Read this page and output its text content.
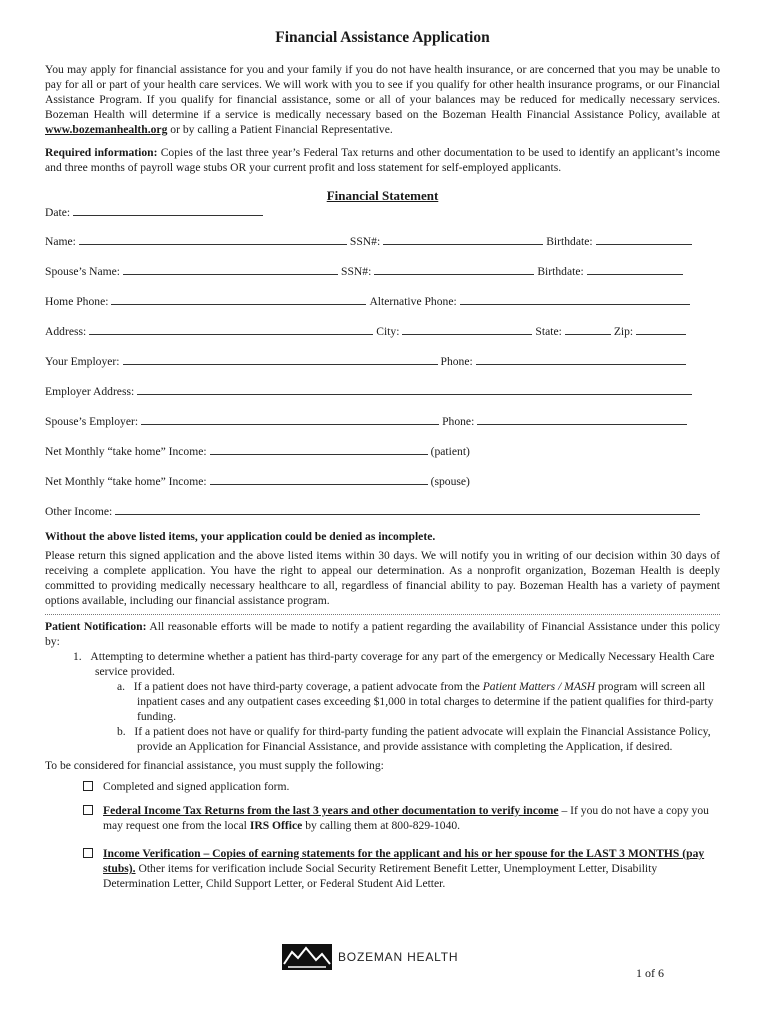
Financial Assistance Application

You may apply for financial assistance for you and your family if you do not have health insurance, or are concerned that you may be unable to pay for all or part of your health care services. We will work with you to see if you qualify for other health insurance programs, or our Financial Assistance Program. If you qualify for financial assistance, some or all of your balances may be reduced for medically necessary services. Bozeman Health will determine if a service is medically necessary based on the Bozeman Health Financial Assistance Policy, available at www.bozemanhealth.org or by calling a Patient Financial Representative.

Required information: Copies of the last three year’s Federal Tax returns and other documentation to be used to identify an applicant’s income and three months of payroll wage stubs OR your current profit and loss statement for self-employed applicants.

Financial Statement
Date:
Name:	SSN#:	Birthdate:
Spouse’s Name:	SSN#:	Birthdate:
Home Phone:	Alternative Phone:
Address:	City:	State:	Zip:
Your Employer:	Phone:
Employer Address:
Spouse’s Employer:	Phone:
Net Monthly “take home” Income:	(patient)
Net Monthly “take home” Income:	(spouse)
Other Income:

Without the above listed items, your application could be denied as incomplete.

Please return this signed application and the above listed items within 30 days. We will notify you in writing of our decision within 30 days of receiving a complete application. You have the right to appeal our determination. As a nonprofit organization, Bozeman Health is deeply committed to providing medically necessary healthcare to all, regardless of financial ability to pay. Bozeman Health has a variety of payment options available, including our financial assistance program.

Patient Notification: All reasonable efforts will be made to notify a patient regarding the availability of Financial Assistance under this policy by:

1. Attempting to determine whether a patient has third-party coverage for any part of the emergency or Medically Necessary Health Care service provided.
a. If a patient does not have third-party coverage, a patient advocate from the Patient Matters / MASH program will screen all inpatient cases and any outpatient cases exceeding $1,000 in total charges to determine if the patient qualifies for third-party funding.
b. If a patient does not have or qualify for third-party funding the patient advocate will explain the Financial Assistance Policy, provide an Application for Financial Assistance, and provide assistance with completing the Application, if desired.

To be considered for financial assistance, you must supply the following:

Completed and signed application form.
Federal Income Tax Returns from the last 3 years and other documentation to verify income – If you do not have a copy you may request one from the local IRS Office by calling them at 800-829-1040.
Income Verification – Copies of earning statements for the applicant and his or her spouse for the LAST 3 MONTHS (pay stubs). Other items for verification include Social Security Retirement Benefit Letter, Unemployment Letter, Disability Determination Letter, Child Support Letter, or Federal Student Aid Letter.
BOZEMAN HEALTH
1 of 6
